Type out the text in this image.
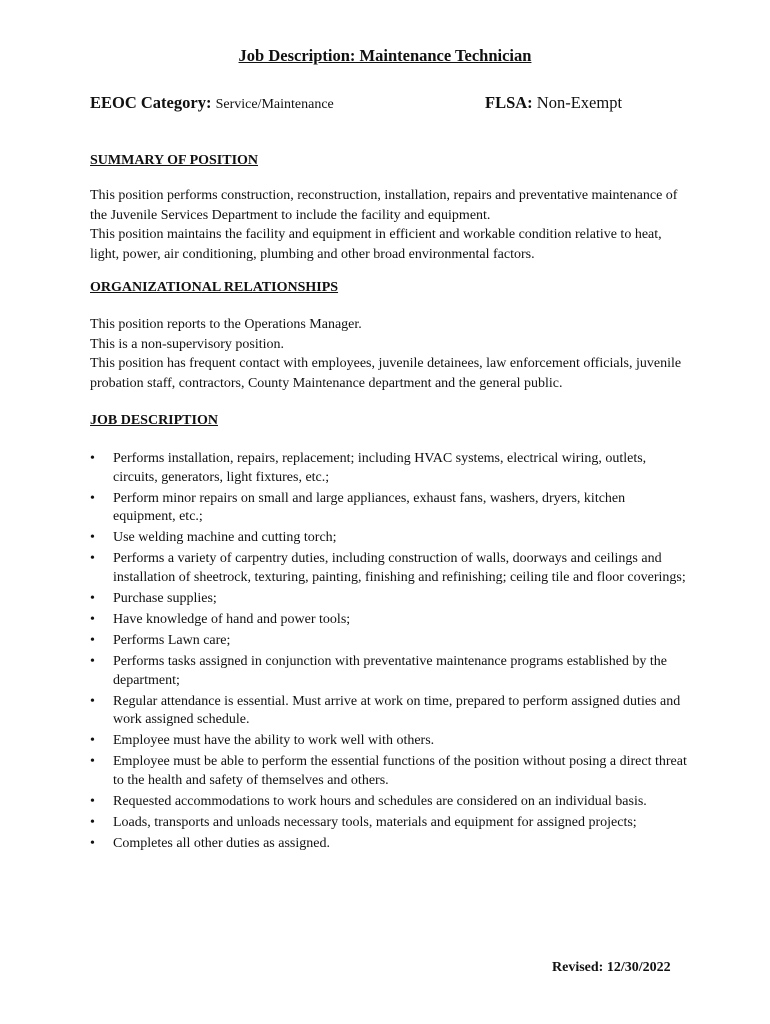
Job Description: Maintenance Technician
EEOC Category: Service/Maintenance	FLSA: Non-Exempt
SUMMARY OF POSITION

This position performs construction, reconstruction, installation, repairs and preventative maintenance of the Juvenile Services Department to include the facility and equipment.

This position maintains the facility and equipment in efficient and workable condition relative to heat, light, power, air conditioning, plumbing and other broad environmental factors.

ORGANIZATIONAL RELATIONSHIPS

This position reports to the Operations Manager.

This is a non-supervisory position.

This position has frequent contact with employees, juvenile detainees, law enforcement officials, juvenile probation staff, contractors, County Maintenance department and the general public.

JOB DESCRIPTION
• Performs installation, repairs, replacement; including HVAC systems, electrical wiring, outlets, circuits, generators, light fixtures, etc.;
• Perform minor repairs on small and large appliances, exhaust fans, washers, dryers, kitchen equipment, etc.;
• Use welding machine and cutting torch;
• Performs a variety of carpentry duties, including construction of walls, doorways and ceilings and installation of sheetrock, texturing, painting, finishing and refinishing; ceiling tile and floor coverings;
• Purchase supplies;
• Have knowledge of hand and power tools;
• Performs Lawn care;
• Performs tasks assigned in conjunction with preventative maintenance programs established by the department;
• Regular attendance is essential. Must arrive at work on time, prepared to perform assigned duties and work assigned schedule.
• Employee must have the ability to work well with others.
• Employee must be able to perform the essential functions of the position without posing a direct threat to the health and safety of themselves and others.
• Requested accommodations to work hours and schedules are considered on an individual basis.
• Loads, transports and unloads necessary tools, materials and equipment for assigned projects;
• Completes all other duties as assigned.
Revised: 12/30/2022
